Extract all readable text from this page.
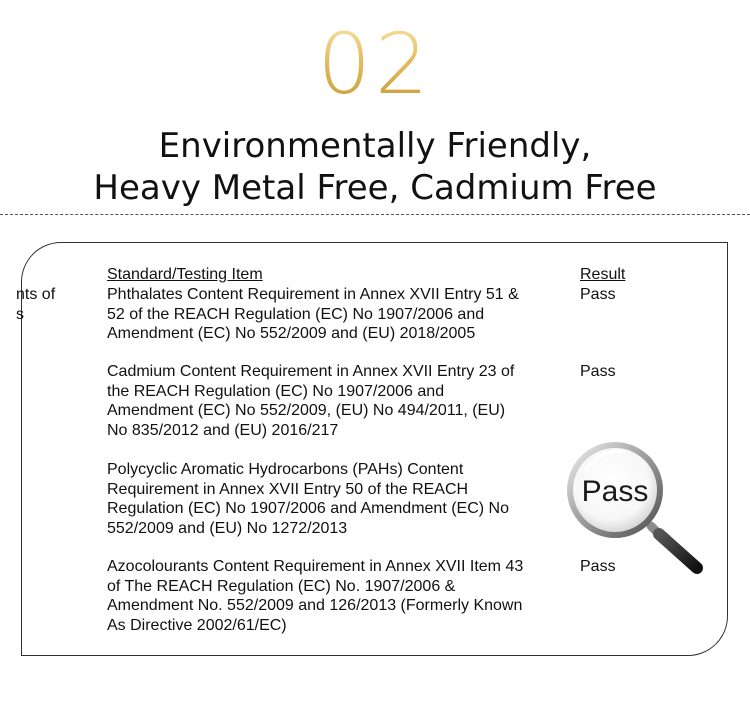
02
Environmentally Friendly,
Heavy Metal Free, Cadmium Free
nts of
s
Standard/Testing Item	Result
Phthalates Content Requirement in Annex XVII Entry 51 &
52 of the REACH Regulation (EC) No 1907/2006 and
Amendment (EC) No 552/2009 and (EU) 2018/2005
Pass
Cadmium Content Requirement in Annex XVII Entry 23 of
the REACH Regulation (EC) No 1907/2006 and
Amendment (EC) No 552/2009, (EU) No 494/2011, (EU)
No 835/2012 and (EU) 2016/217
Pass
Polycyclic Aromatic Hydrocarbons (PAHs) Content
Requirement in Annex XVII Entry 50 of the REACH
Regulation (EC) No 1907/2006 and Amendment (EC) No
552/2009 and (EU) No 1272/2013
Azocolourants Content Requirement in Annex XVII Item 43
of The REACH Regulation (EC) No. 1907/2006 &
Amendment No. 552/2009 and 126/2013 (Formerly Known
As Directive 2002/61/EC)
Pass
Pass
